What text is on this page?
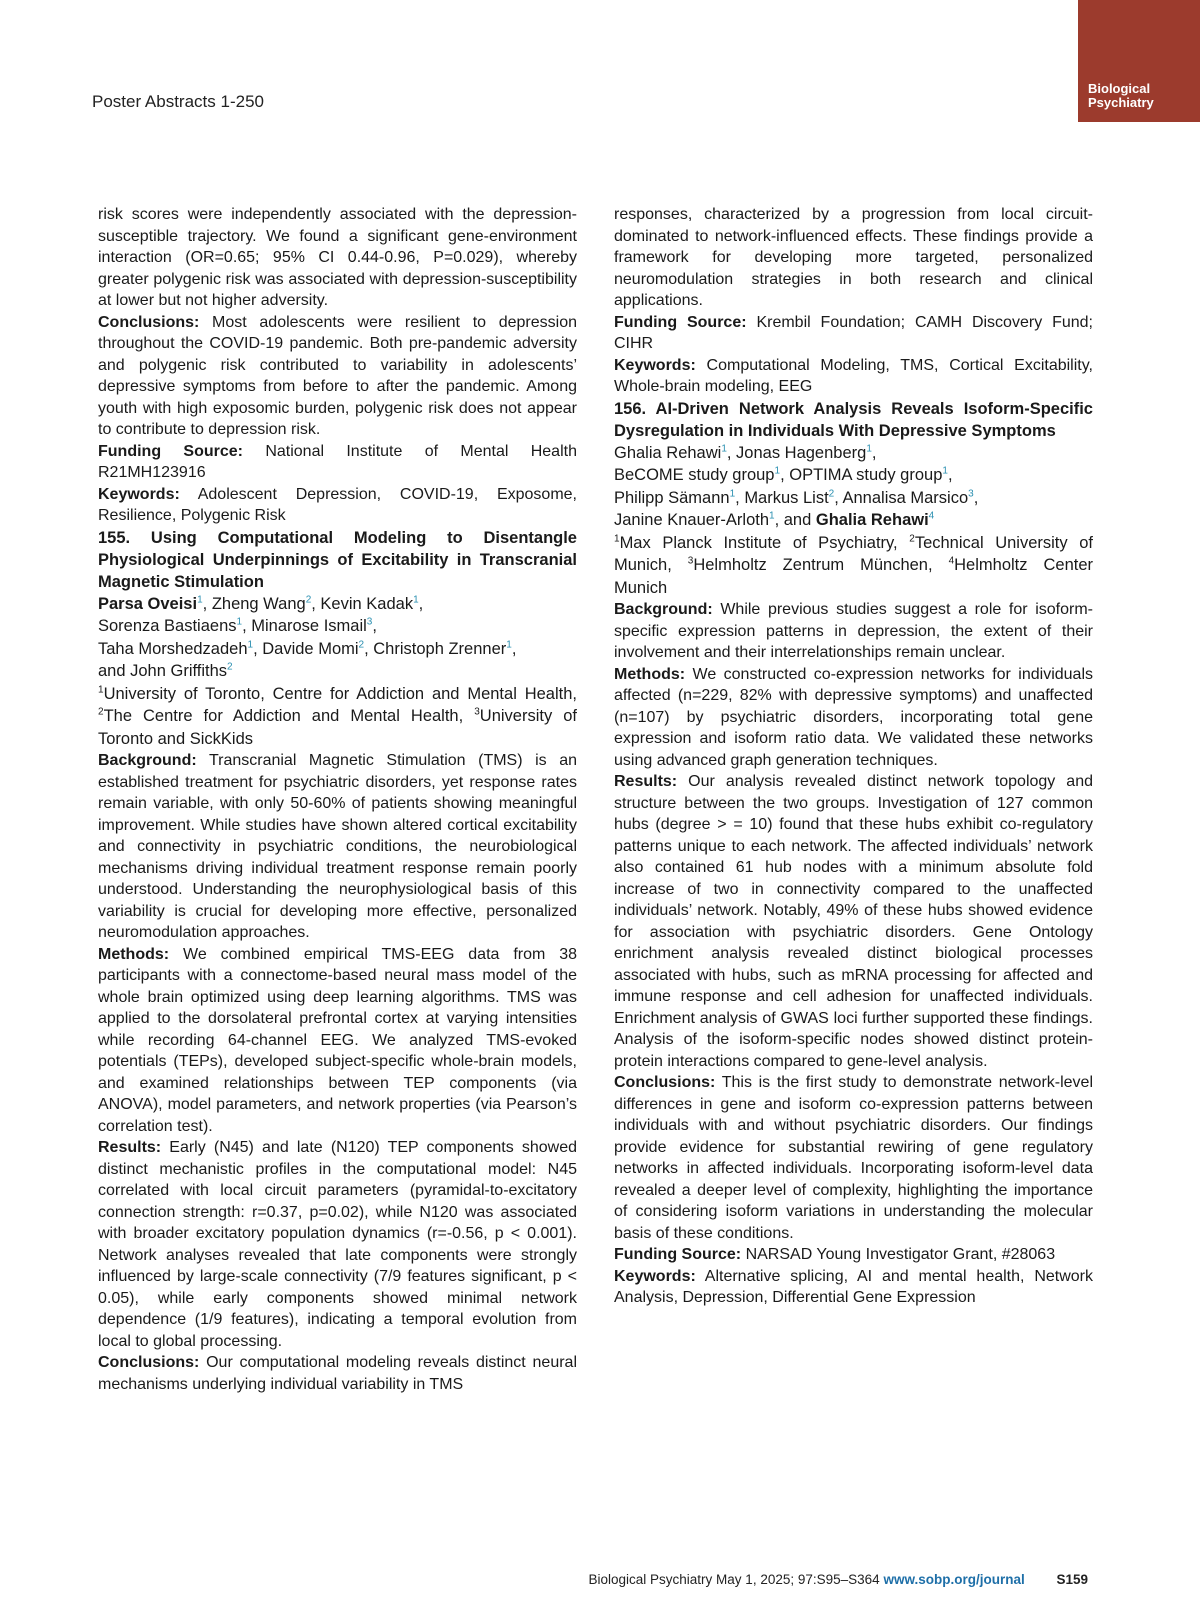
Poster Abstracts 1-250
Biological
Psychiatry

risk scores were independently associated with the depression-susceptible trajectory. We found a significant gene-environment interaction (OR=0.65; 95% CI 0.44-0.96, P=0.029), whereby greater polygenic risk was associated with depression-susceptibility at lower but not higher adversity.

Conclusions: Most adolescents were resilient to depression throughout the COVID-19 pandemic. Both pre-pandemic adversity and polygenic risk contributed to variability in adolescents’ depressive symptoms from before to after the pandemic. Among youth with high exposomic burden, polygenic risk does not appear to contribute to depression risk.

Funding Source: National Institute of Mental Health R21MH123916

Keywords: Adolescent Depression, COVID-19, Exposome, Resilience, Polygenic Risk

155. Using Computational Modeling to Disentangle Physiological Underpinnings of Excitability in Transcranial Magnetic Stimulation

Parsa Oveisi$^1$, Zheng Wang$^2$, Kevin Kadak$^1$,
Sorenza Bastiaens$^1$, Minarose Ismail$^3$,
Taha Morshedzadeh$^1$, Davide Momi$^2$, Christoph Zrenner$^1$,
and John Griffiths$^2$

$^1$University of Toronto, Centre for Addiction and Mental Health, $^2$The Centre for Addiction and Mental Health, $^3$University of Toronto and SickKids

Background: Transcranial Magnetic Stimulation (TMS) is an established treatment for psychiatric disorders, yet response rates remain variable, with only 50-60% of patients showing meaningful improvement. While studies have shown altered cortical excitability and connectivity in psychiatric conditions, the neurobiological mechanisms driving individual treatment response remain poorly understood. Understanding the neurophysiological basis of this variability is crucial for developing more effective, personalized neuromodulation approaches.

Methods: We combined empirical TMS-EEG data from 38 participants with a connectome-based neural mass model of the whole brain optimized using deep learning algorithms. TMS was applied to the dorsolateral prefrontal cortex at varying intensities while recording 64-channel EEG. We analyzed TMS-evoked potentials (TEPs), developed subject-specific whole-brain models, and examined relationships between TEP components (via ANOVA), model parameters, and network properties (via Pearson’s correlation test).

Results: Early (N45) and late (N120) TEP components showed distinct mechanistic profiles in the computational model: N45 correlated with local circuit parameters (pyramidal-to-excitatory connection strength: r=0.37, p=0.02), while N120 was associated with broader excitatory population dynamics (r=-0.56, p < 0.001). Network analyses revealed that late components were strongly influenced by large-scale connectivity (7/9 features significant, p < 0.05), while early components showed minimal network dependence (1/9 features), indicating a temporal evolution from local to global processing.

Conclusions: Our computational modeling reveals distinct neural mechanisms underlying individual variability in TMS

responses, characterized by a progression from local circuit-dominated to network-influenced effects. These findings provide a framework for developing more targeted, personalized neuromodulation strategies in both research and clinical applications.

Funding Source: Krembil Foundation; CAMH Discovery Fund; CIHR

Keywords: Computational Modeling, TMS, Cortical Excitability, Whole-brain modeling, EEG

156. AI-Driven Network Analysis Reveals Isoform-Specific Dysregulation in Individuals With Depressive Symptoms

Ghalia Rehawi$^1$, Jonas Hagenberg$^1$,
BeCOME study group$^1$, OPTIMA study group$^1$,
Philipp Sämann$^1$, Markus List$^2$, Annalisa Marsico$^3$,
Janine Knauer-Arloth$^1$, and Ghalia Rehawi$^4$

$^1$Max Planck Institute of Psychiatry, $^2$Technical University of Munich, $^3$Helmholtz Zentrum München, $^4$Helmholtz Center Munich

Background: While previous studies suggest a role for isoform-specific expression patterns in depression, the extent of their involvement and their interrelationships remain unclear.

Methods: We constructed co-expression networks for individuals affected (n=229, 82% with depressive symptoms) and unaffected (n=107) by psychiatric disorders, incorporating total gene expression and isoform ratio data. We validated these networks using advanced graph generation techniques.

Results: Our analysis revealed distinct network topology and structure between the two groups. Investigation of 127 common hubs (degree > = 10) found that these hubs exhibit co-regulatory patterns unique to each network. The affected individuals’ network also contained 61 hub nodes with a minimum absolute fold increase of two in connectivity compared to the unaffected individuals’ network. Notably, 49% of these hubs showed evidence for association with psychiatric disorders. Gene Ontology enrichment analysis revealed distinct biological processes associated with hubs, such as mRNA processing for affected and immune response and cell adhesion for unaffected individuals. Enrichment analysis of GWAS loci further supported these findings. Analysis of the isoform-specific nodes showed distinct protein-protein interactions compared to gene-level analysis.

Conclusions: This is the first study to demonstrate network-level differences in gene and isoform co-expression patterns between individuals with and without psychiatric disorders. Our findings provide evidence for substantial rewiring of gene regulatory networks in affected individuals. Incorporating isoform-level data revealed a deeper level of complexity, highlighting the importance of considering isoform variations in understanding the molecular basis of these conditions.

Funding Source: NARSAD Young Investigator Grant, #28063

Keywords: Alternative splicing, AI and mental health, Network Analysis, Depression, Differential Gene Expression

Biological Psychiatry May 1, 2025; 97:S95–S364 www.sobp.org/journal S159
